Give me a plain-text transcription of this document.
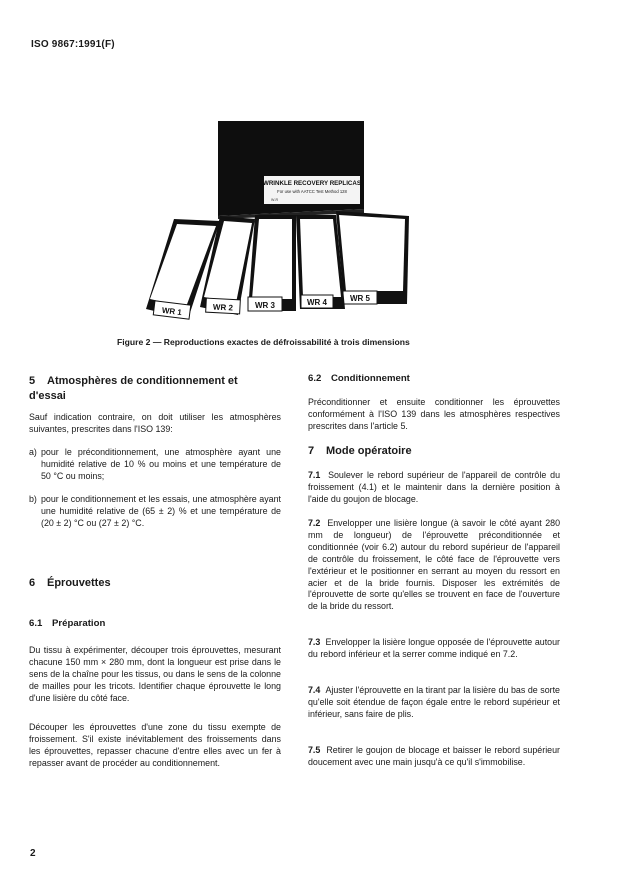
ISO 9867:1991(F)
WRINKLE RECOVERY REPLICAS
For use with AATCC Test Method 128
W-R
WR 5
WR 4
WR 3
WR 2
WR 1
Figure 2 — Reproductions exactes de défroissabilité à trois dimensions
5 Atmosphères de conditionnement et d'essai

Sauf indication contraire, on doit utiliser les atmosphères suivantes, prescrites dans l'ISO 139:

a) pour le préconditionnement, une atmosphère ayant une humidité relative de 10 % ou moins et une température de 50 °C ou moins;
b) pour le conditionnement et les essais, une atmosphère ayant une humidité relative de (65 ± 2) % et une température de (20 ± 2) °C ou (27 ± 2) °C.
6 Éprouvettes
6.1 Préparation

Du tissu à expérimenter, découper trois éprouvettes, mesurant chacune 150 mm × 280 mm, dont la longueur est prise dans le sens de la chaîne pour les tissus, ou dans le sens de la colonne de mailles pour les tricots. Identifier chaque éprouvette le long d'une lisière du côté face.

Découper les éprouvettes d'une zone du tissu exempte de froissement. S'il existe inévitablement des froissements dans les éprouvettes, repasser chacune d'entre elles avec un fer à repasser avant de procéder au conditionnement.

6.2 Conditionnement

Préconditionner et ensuite conditionner les éprouvettes conformément à l'ISO 139 dans les atmosphères respectives prescrites dans l'article 5.

7 Mode opératoire

7.1 Soulever le rebord supérieur de l'appareil de contrôle du froissement (4.1) et le maintenir dans la dernière position à l'aide du goujon de blocage.

7.2 Envelopper une lisière longue (à savoir le côté ayant 280 mm de longueur) de l'éprouvette préconditionnée et conditionnée (voir 6.2) autour du rebord supérieur de l'appareil de contrôle du froissement, le côté face de l'éprouvette vers l'extérieur et le positionner en serrant au moyen du ressort en acier et de la bride fournis. Disposer les extrémités de l'éprouvette de sorte qu'elles se trouvent en face de l'ouverture de la bride du ressort.

7.3 Envelopper la lisière longue opposée de l'éprouvette autour du rebord inférieur et la serrer comme indiqué en 7.2.

7.4 Ajuster l'éprouvette en la tirant par la lisière du bas de sorte qu'elle soit étendue de façon égale entre le rebord supérieur et inférieur, sans faire de plis.

7.5 Retirer le goujon de blocage et baisser le rebord supérieur doucement avec une main jusqu'à ce qu'il s'immobilise.

2
